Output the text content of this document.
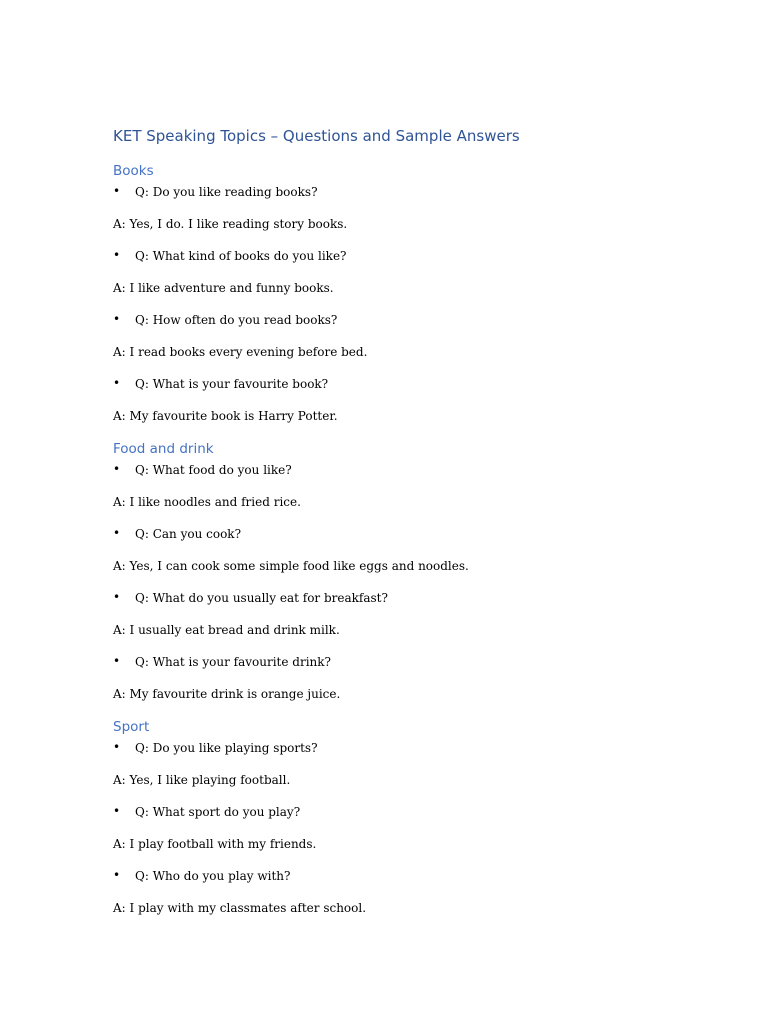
KET Speaking Topics – Questions and Sample Answers
Books
• Q: Do you like reading books?
A: Yes, I do. I like reading story books.
• Q: What kind of books do you like?
A: I like adventure and funny books.
• Q: How often do you read books?
A: I read books every evening before bed.
• Q: What is your favourite book?
A: My favourite book is Harry Potter.
Food and drink
• Q: What food do you like?
A: I like noodles and fried rice.
• Q: Can you cook?
A: Yes, I can cook some simple food like eggs and noodles.
• Q: What do you usually eat for breakfast?
A: I usually eat bread and drink milk.
• Q: What is your favourite drink?
A: My favourite drink is orange juice.
Sport
• Q: Do you like playing sports?
A: Yes, I like playing football.
• Q: What sport do you play?
A: I play football with my friends.
• Q: Who do you play with?
A: I play with my classmates after school.
